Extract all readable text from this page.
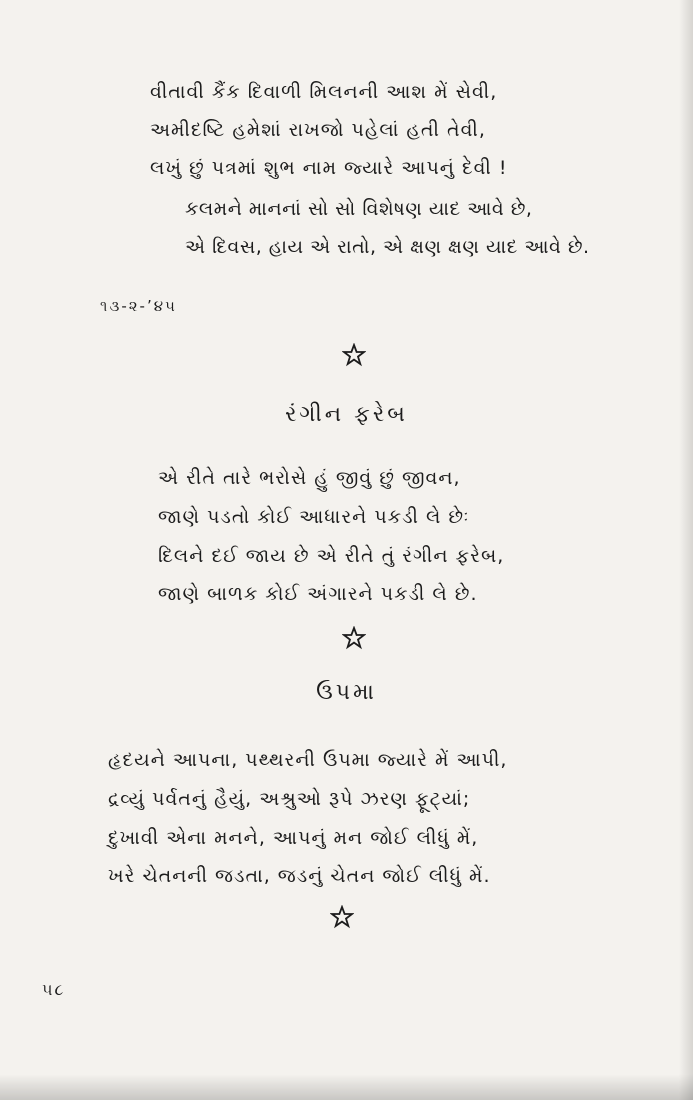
વીતાવી કૈંક દિવાળી મિલનની આશ મેં સેવી,
અમીદષ્ટિ હમેશાં રાખજો પહેલાં હતી તેવી,
લખું છું પત્રમાં શુભ નામ જ્યારે આપનું દેવી !
કલમને માનનાં સો સો વિશેષણ યાદ આવે છે,
એ દિવસ, હાય એ રાતો, એ ક્ષણ ક્ષણ યાદ આવે છે.
૧૩-૨-’૪૫
રંગીન ફરેબ
એ રીતે તારે ભરોસે હું જીવું છું જીવન,
જાણે પડતો કોઈ આધારને પકડી લે છેઃ
દિલને દઈ જાય છે એ રીતે તું રંગીન ફરેબ,
જાણે બાળક કોઈ અંગારને પકડી લે છે.
ઉપમા
હૃદયને આપના, પથ્થરની ઉપમા જ્યારે મેં આપી,
દ્રવ્યું પર્વતનું હૈયું, અશ્રુઓ રૂપે ઝરણ ફૂટ્યાં;
દુખાવી એના મનને, આપનું મન જોઈ લીધું મેં,
ખરે ચેતનની જડતા, જડનું ચેતન જોઈ લીધું મેં.
૫૮
